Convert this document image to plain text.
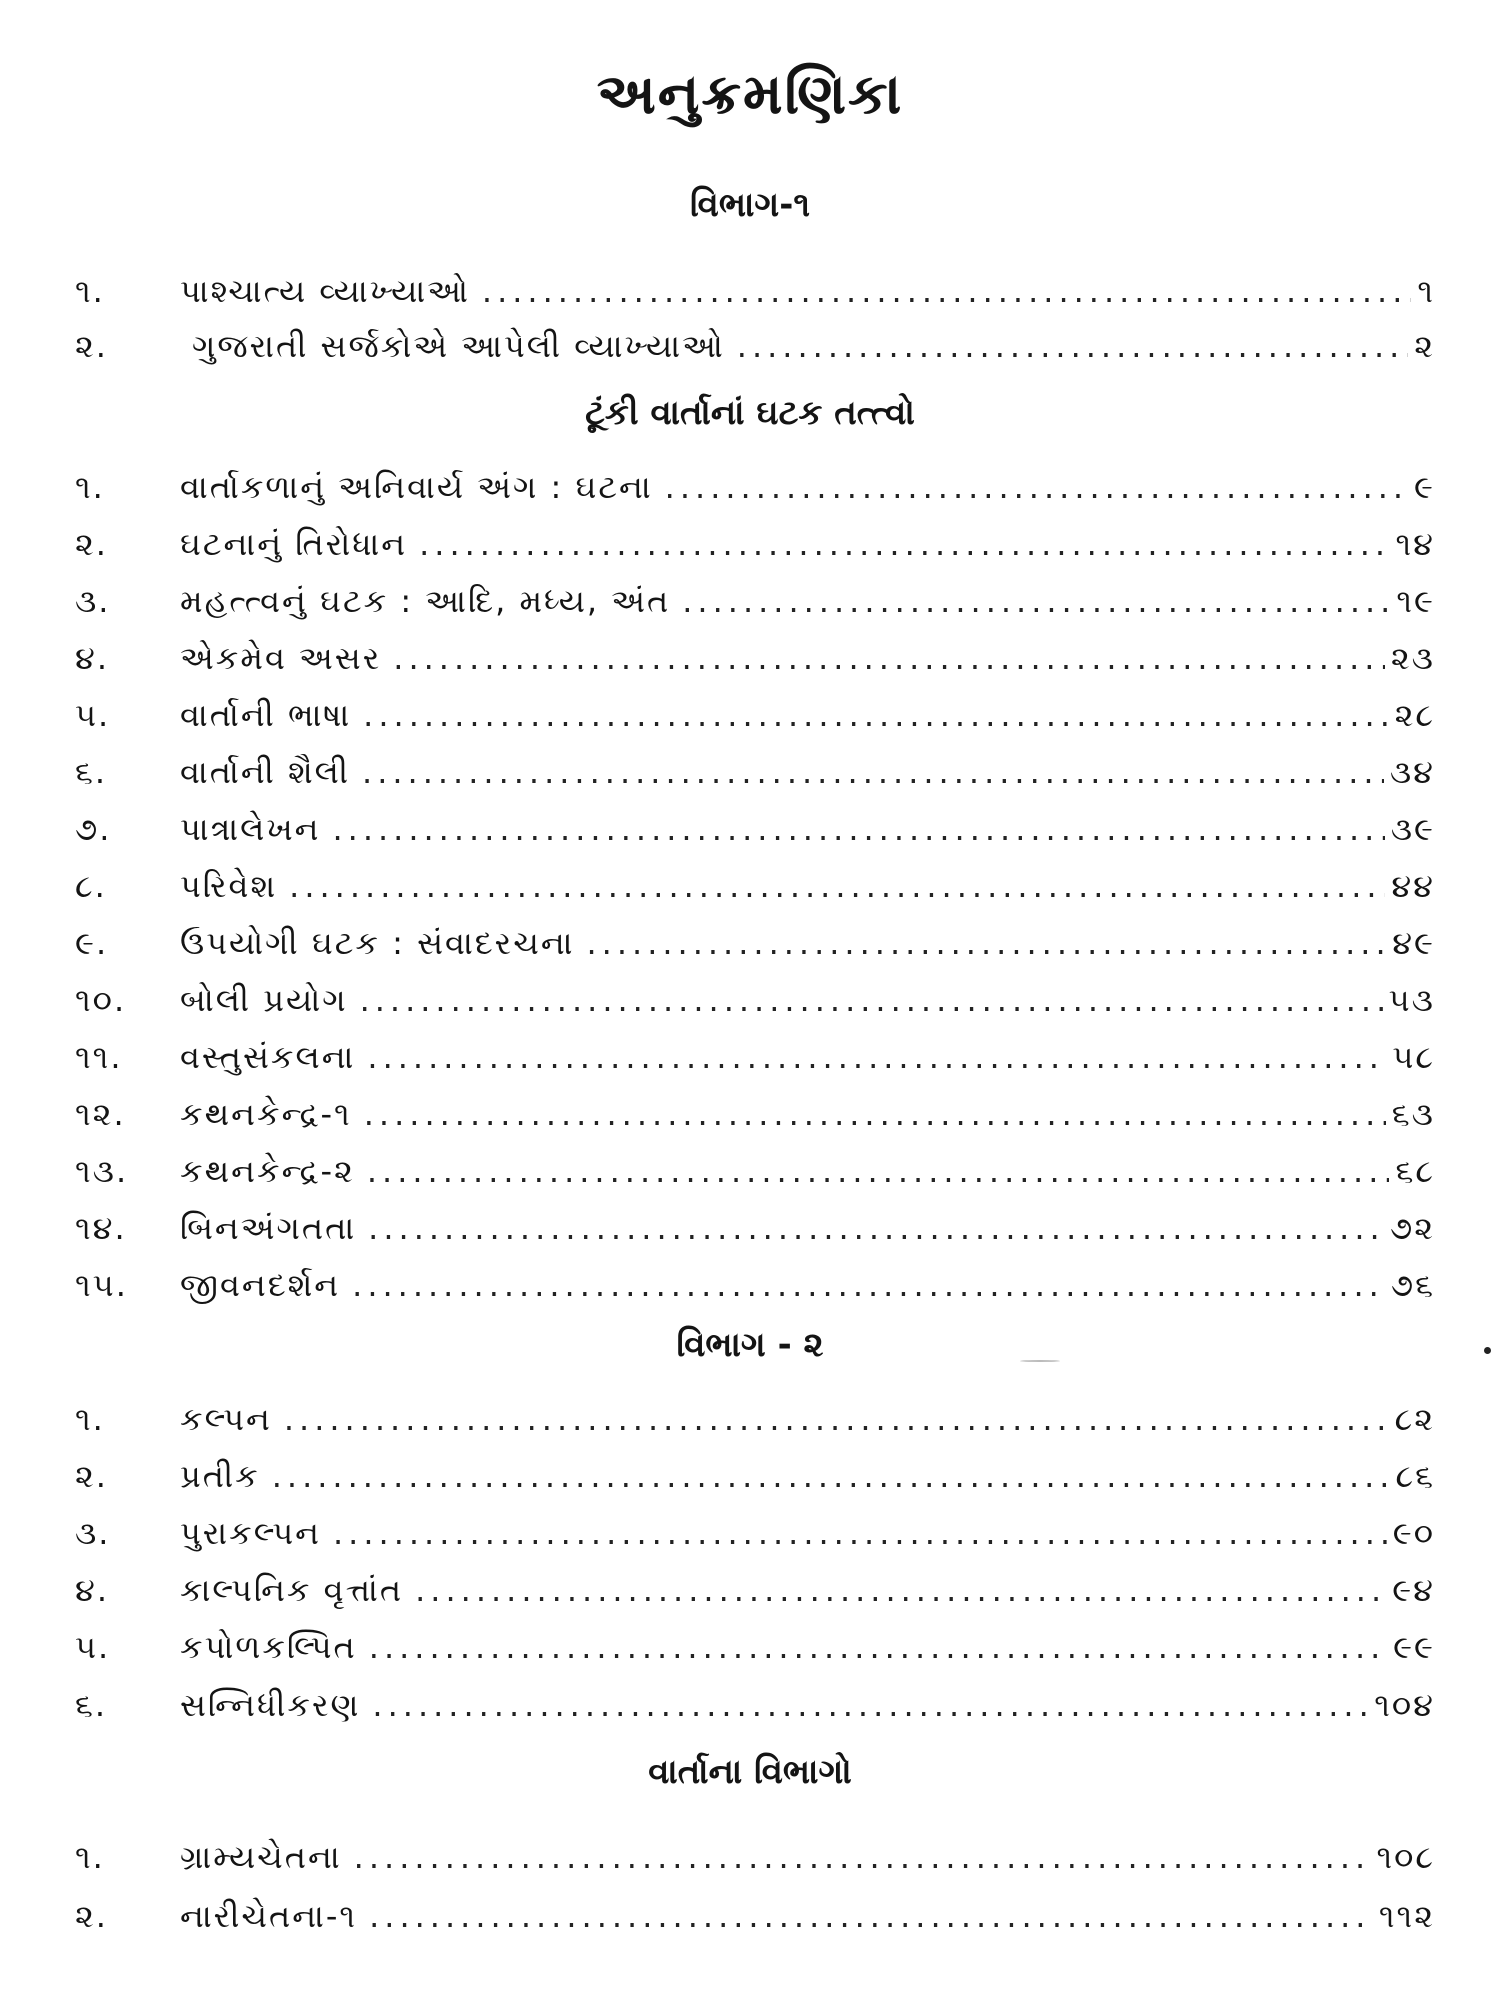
અનુક્રમણિકા
વિભાગ-૧
૧.	પાશ્ચાત્ય વ્યાખ્યાઓ .....	૧
૨.	ગુજરાતી સર્જકોએ આપેલી વ્યાખ્યાઓ .....	૨
ટૂંકી વાર્તાનાં ઘટક તત્ત્વો
૧.	વાર્તાકળાનું અનિવાર્ય અંગ : ઘટના .....	૯
૨.	ઘટનાનું તિરોધાન .....	૧૪
૩.	મહત્ત્વનું ઘટક : આદિ, મધ્ય, અંત .....	૧૯
૪.	એકમેવ અસર .....	૨૩
૫.	વાર્તાની ભાષા .....	૨૮
૬.	વાર્તાની શૈલી .....	૩૪
૭.	પાત્રાલેખન .....	૩૯
૮.	પરિવેશ .....	૪૪
૯.	ઉપયોગી ઘટક : સંવાદરચના .....	૪૯
૧૦.	બોલી પ્રયોગ .....	૫૩
૧૧.	વસ્તુસંકલના .....	૫૮
૧૨.	કથનકેન્દ્ર-૧ .....	૬૩
૧૩.	કથનકેન્દ્ર-૨ .....	૬૮
૧૪.	બિનઅંગતતા .....	૭૨
૧૫.	જીવનદર્શન .....	૭૬
વિભાગ - ૨
૧.	કલ્પન .....	૮૨
૨.	પ્રતીક .....	૮૬
૩.	પુરાકલ્પન .....	૯૦
૪.	કાલ્પનિક વૃત્તાંત .....	૯૪
૫.	કપોળકલ્પિત .....	૯૯
૬.	સન્નિધીકરણ .....	૧૦૪
વાર્તાના વિભાગો
૧.	ગ્રામ્યચેતના .....	૧૦૮
૨.	નારીચેતના-૧ .....	૧૧૨
